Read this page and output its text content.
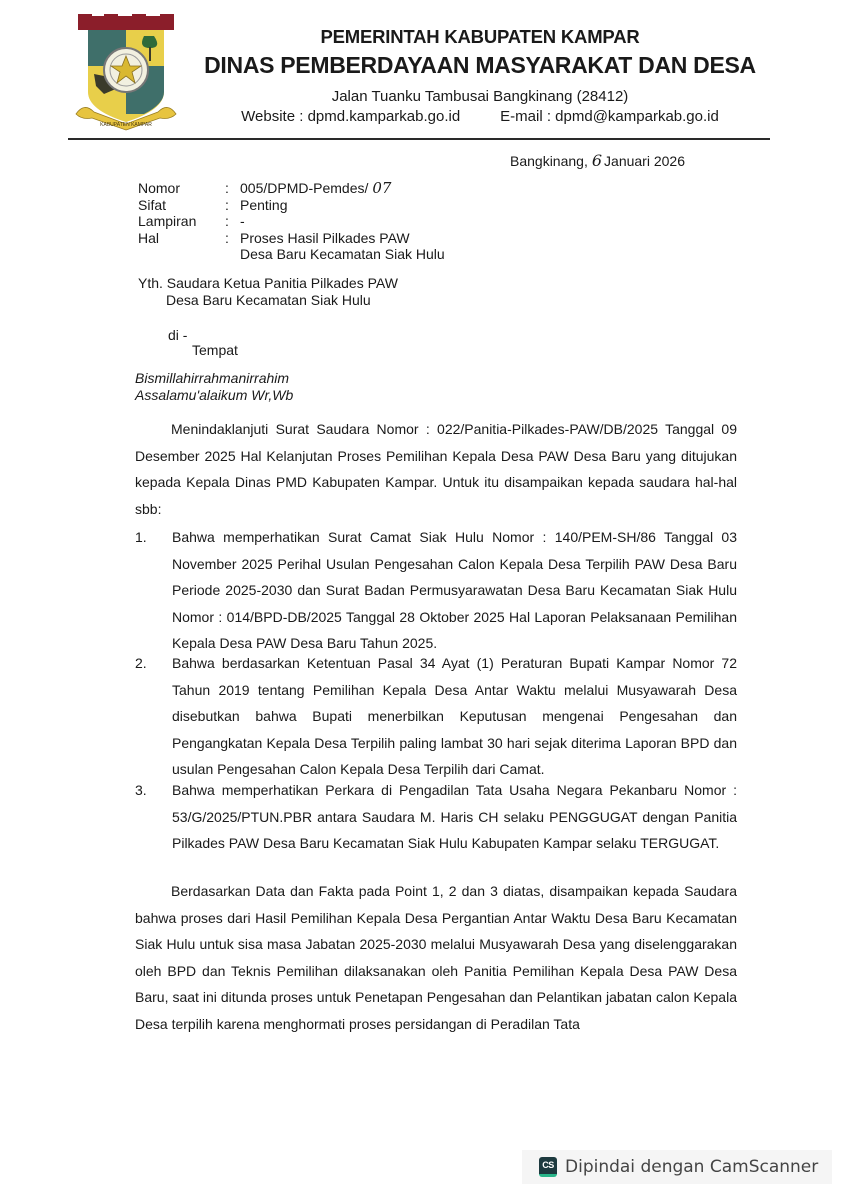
KABUPATEN KAMPAR
PEMERINTAH KABUPATEN KAMPAR
DINAS PEMBERDAYAAN MASYARAKAT DAN DESA
Jalan Tuanku Tambusai Bangkinang (28412)
Website : dpmd.kamparkab.go.id	E-mail : dpmd@kamparkab.go.id
Bangkinang, 6 Januari 2026
Nomor	: 005/DPMD-Pemdes/ 07
Sifat	: Penting
Lampiran	: -
Hal	: Proses Hasil Pilkades PAW
Desa Baru Kecamatan Siak Hulu
Yth. Saudara Ketua Panitia Pilkades PAW
Desa Baru Kecamatan Siak Hulu
di -
Tempat
Bismillahirrahmanirrahim
Assalamu'alaikum Wr,Wb
Menindaklanjuti Surat Saudara Nomor : 022/Panitia-Pilkades-PAW/DB/2025 Tanggal 09 Desember 2025 Hal Kelanjutan Proses Pemilihan Kepala Desa PAW Desa Baru yang ditujukan kepada Kepala Dinas PMD Kabupaten Kampar. Untuk itu disampaikan kepada saudara hal-hal sbb:
1.	Bahwa memperhatikan Surat Camat Siak Hulu Nomor : 140/PEM-SH/86 Tanggal 03 November 2025 Perihal Usulan Pengesahan Calon Kepala Desa Terpilih PAW Desa Baru Periode 2025-2030 dan Surat Badan Permusyarawatan Desa Baru Kecamatan Siak Hulu Nomor : 014/BPD-DB/2025 Tanggal 28 Oktober 2025 Hal Laporan Pelaksanaan Pemilihan Kepala Desa PAW Desa Baru Tahun 2025.
2.	Bahwa berdasarkan Ketentuan Pasal 34 Ayat (1) Peraturan Bupati Kampar Nomor 72 Tahun 2019 tentang Pemilihan Kepala Desa Antar Waktu melalui Musyawarah Desa disebutkan bahwa Bupati menerbilkan Keputusan mengenai Pengesahan dan Pengangkatan Kepala Desa Terpilih paling lambat 30 hari sejak diterima Laporan BPD dan usulan Pengesahan Calon Kepala Desa Terpilih dari Camat.
3.	Bahwa memperhatikan Perkara di Pengadilan Tata Usaha Negara Pekanbaru Nomor : 53/G/2025/PTUN.PBR antara Saudara M. Haris CH selaku PENGGUGAT dengan Panitia Pilkades PAW Desa Baru Kecamatan Siak Hulu Kabupaten Kampar selaku TERGUGAT.
Berdasarkan Data dan Fakta pada Point 1, 2 dan 3 diatas, disampaikan kepada Saudara bahwa proses dari Hasil Pemilihan Kepala Desa Pergantian Antar Waktu Desa Baru Kecamatan Siak Hulu untuk sisa masa Jabatan 2025-2030 melalui Musyawarah Desa yang diselenggarakan oleh BPD dan Teknis Pemilihan dilaksanakan oleh Panitia Pemilihan Kepala Desa PAW Desa Baru, saat ini ditunda proses untuk Penetapan Pengesahan dan Pelantikan jabatan calon Kepala Desa terpilih karena menghormati proses persidangan di Peradilan Tata
CS Dipindai dengan CamScanner
